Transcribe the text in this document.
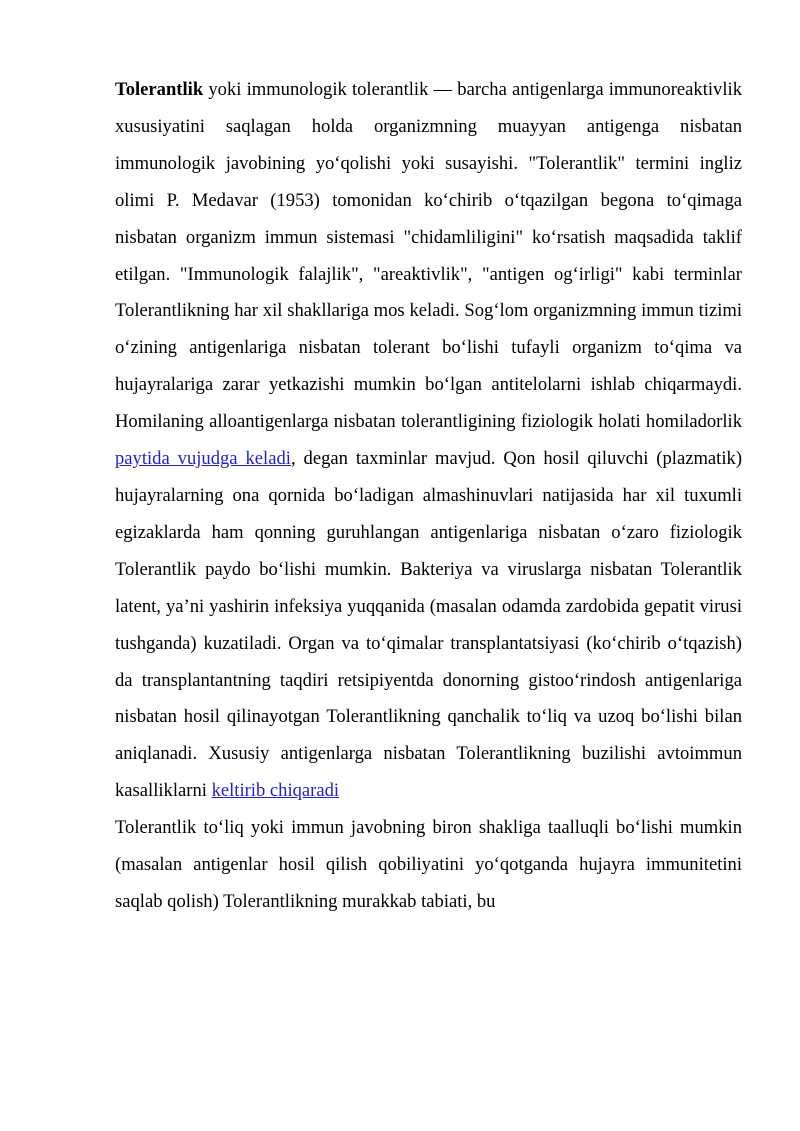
Tolerantlik yoki immunologik tolerantlik — barcha antigenlarga immunoreaktivlik xususiyatini saqlagan holda organizmning muayyan antigenga nisbatan immunologik javobining yoʻqolishi yoki susayishi. "Tolerantlik" termini ingliz olimi P. Medavar (1953) tomonidan koʻchirib oʻtqazilgan begona toʻqimaga nisbatan organizm immun sistemasi "chidamliligini" koʻrsatish maqsadida taklif etilgan. "Immunologik falajlik", "areaktivlik", "antigen ogʻirligi" kabi terminlar Tolerantlikning har xil shakllariga mos keladi. Sogʻlom organizmning immun tizimi oʻzining antigenlariga nisbatan tolerant boʻlishi tufayli organizm toʻqima va hujayralariga zarar yetkazishi mumkin boʻlgan antitelolarni ishlab chiqarmaydi. Homilaning alloantigenlarga nisbatan tolerantligining fiziologik holati homiladorlik paytida vujudga keladi, degan taxminlar mavjud. Qon hosil qiluvchi (plazmatik) hujayralarning ona qornida boʻladigan almashinuvlari natijasida har xil tuxumli egizaklarda ham qonning guruhlangan antigenlariga nisbatan oʻzaro fiziologik Tolerantlik paydo boʻlishi mumkin. Bakteriya va viruslarga nisbatan Tolerantlik latent, ya’ni yashirin infeksiya yuqqanida (masalan odamda zardobida gepatit virusi tushganda) kuzatiladi. Organ va toʻqimalar transplantatsiyasi (koʻchirib oʻtqazish) da transplantantning taqdiri retsipiyentda donorning gistooʻrindosh antigenlariga nisbatan hosil qilinayotgan Tolerantlikning qanchalik toʻliq va uzoq boʻlishi bilan aniqlanadi. Xususiy antigenlarga nisbatan Tolerantlikning buzilishi avtoimmun kasalliklarni keltirib chiqaradi

Tolerantlik toʻliq yoki immun javobning biron shakliga taalluqli boʻlishi mumkin (masalan antigenlar hosil qilish qobiliyatini yoʻqotganda hujayra immunitetini saqlab qolish) Tolerantlikning murakkab tabiati, bu
